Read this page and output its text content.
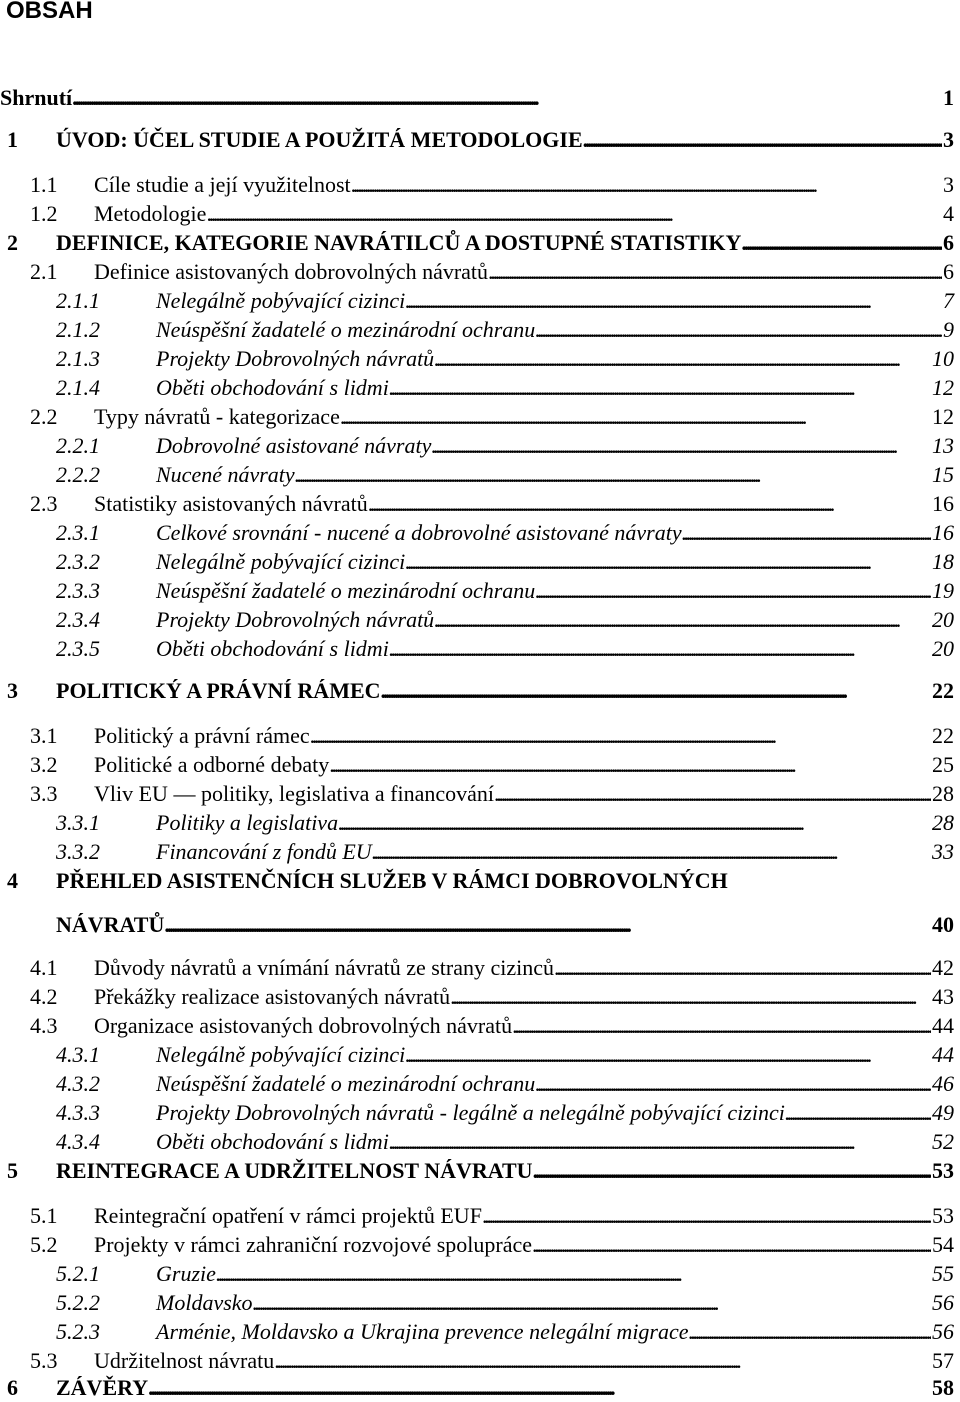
OBSAH
Shrnutí . . .	1
1	ÚVOD: ÚČEL STUDIE A POUŽITÁ METODOLOGIE . . .	3
1.1	Cíle studie a její využitelnost . . .	3
1.2	Metodologie . . .	4
2	DEFINICE, KATEGORIE NAVRÁTILCŮ A DOSTUPNÉ STATISTIKY . . .	6
2.1	Definice asistovaných dobrovolných návratů . . .	6
2.1.1	Nelegálně pobývající cizinci . . .	7
2.1.2	Neúspěšní žadatelé o mezinárodní ochranu . . .	9
2.1.3	Projekty Dobrovolných návratů . . .	10
2.1.4	Oběti obchodování s lidmi . . .	12
2.2	Typy návratů - kategorizace . . .	12
2.2.1	Dobrovolné asistované návraty . . .	13
2.2.2	Nucené návraty . . .	15
2.3	Statistiky asistovaných návratů . . .	16
2.3.1	Celkové srovnání - nucené a dobrovolné asistované návraty . . .	16
2.3.2	Nelegálně pobývající cizinci . . .	18
2.3.3	Neúspěšní žadatelé o mezinárodní ochranu . . .	19
2.3.4	Projekty Dobrovolných návratů . . .	20
2.3.5	Oběti obchodování s lidmi . . .	20
3	POLITICKÝ A PRÁVNÍ RÁMEC . . .	22
3.1	Politický a právní rámec . . .	22
3.2	Politické a odborné debaty . . .	25
3.3	Vliv EU — politiky, legislativa a financování . . .	28
3.3.1	Politiky a legislativa . . .	28
3.3.2	Financování z fondů EU . . .	33
4	PŘEHLED ASISTENČNÍCH SLUŽEB V RÁMCI DOBROVOLNÝCH
NÁVRATŮ . . .	40
4.1	Důvody návratů a vnímání návratů ze strany cizinců . . .	42
4.2	Překážky realizace asistovaných návratů . . .	43
4.3	Organizace asistovaných dobrovolných návratů . . .	44
4.3.1	Nelegálně pobývající cizinci . . .	44
4.3.2	Neúspěšní žadatelé o mezinárodní ochranu . . .	46
4.3.3	Projekty Dobrovolných návratů - legálně a nelegálně pobývající cizinci . . .	49
4.3.4	Oběti obchodování s lidmi . . .	52
5	REINTEGRACE A UDRŽITELNOST NÁVRATU . . .	53
5.1	Reintegrační opatření v rámci projektů EUF . . .	53
5.2	Projekty v rámci zahraniční rozvojové spolupráce . . .	54
5.2.1	Gruzie . . .	55
5.2.2	Moldavsko . . .	56
5.2.3	Arménie, Moldavsko a Ukrajina prevence nelegální migrace . . .	56
5.3	Udržitelnost návratu . . .	57
6	ZÁVĚRY . . .	58
